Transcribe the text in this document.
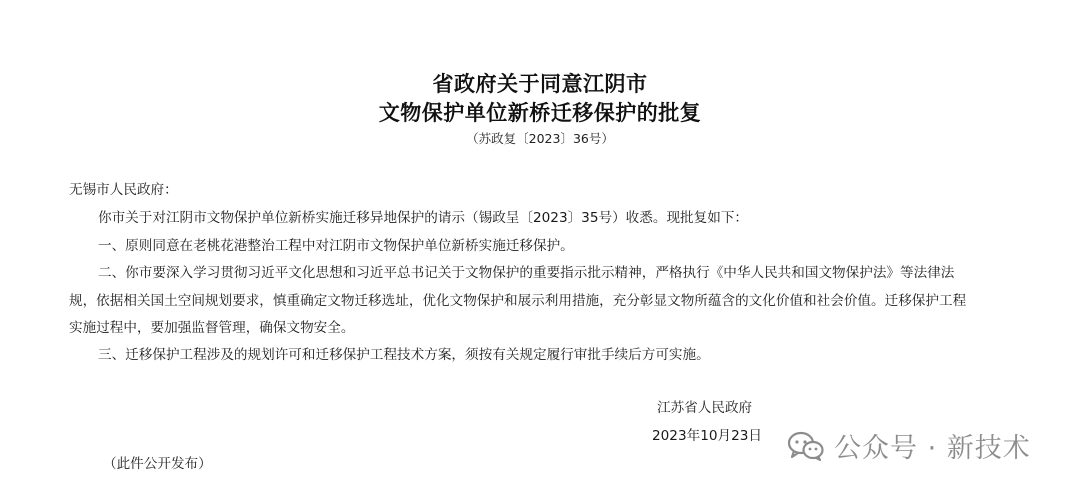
省政府关于同意江阴市
文物保护单位新桥迁移保护的批复
（苏政复〔2023〕36号）
无锡市人民政府：
你市关于对江阴市文物保护单位新桥实施迁移异地保护的请示（锡政呈〔2023〕35号）收悉。现批复如下：
一、原则同意在老桃花港整治工程中对江阴市文物保护单位新桥实施迁移保护。
二、你市要深入学习贯彻习近平文化思想和习近平总书记关于文物保护的重要指示批示精神，严格执行《中华人民共和国文物保护法》等法律法
规，依据相关国土空间规划要求，慎重确定文物迁移选址，优化文物保护和展示利用措施，充分彰显文物所蕴含的文化价值和社会价值。迁移保护工程
实施过程中，要加强监督管理，确保文物安全。
三、迁移保护工程涉及的规划许可和迁移保护工程技术方案，须按有关规定履行审批手续后方可实施。
江苏省人民政府
2023年10月23日
（此件公开发布）	公众号 · 新技术
